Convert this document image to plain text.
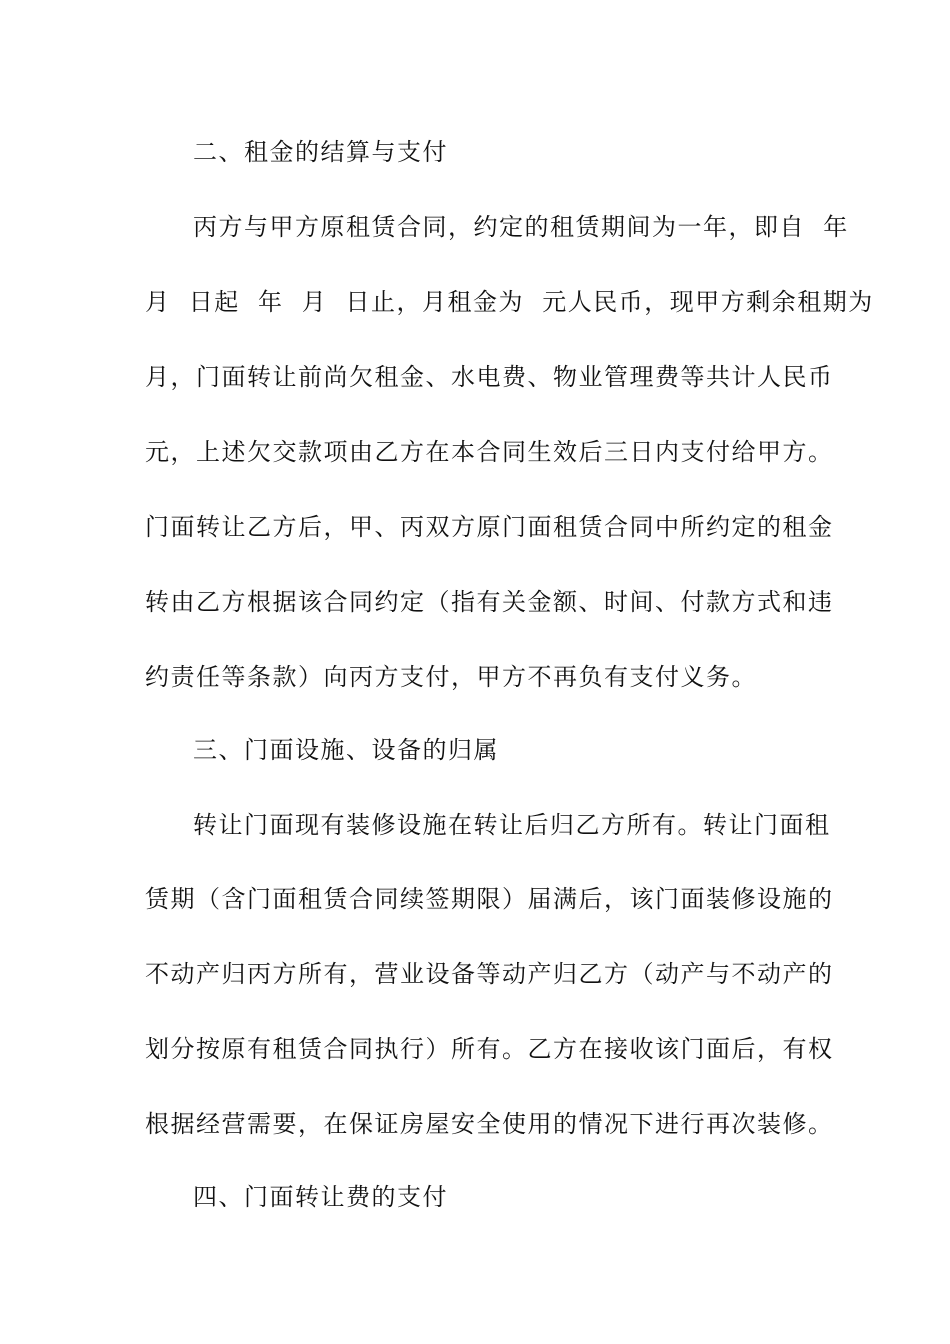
二、租金的结算与支付
丙方与甲方原租赁合同，约定的租赁期间为一年，即自  年
月  日起  年  月  日止，月租金为  元人民币，现甲方剩余租期为
月，门面转让前尚欠租金、水电费、物业管理费等共计人民币
元，上述欠交款项由乙方在本合同生效后三日内支付给甲方。
门面转让乙方后，甲、丙双方原门面租赁合同中所约定的租金
转由乙方根据该合同约定（指有关金额、时间、付款方式和违
约责任等条款）向丙方支付，甲方不再负有支付义务。
三、门面设施、设备的归属
转让门面现有装修设施在转让后归乙方所有。转让门面租
赁期（含门面租赁合同续签期限）届满后，该门面装修设施的
不动产归丙方所有，营业设备等动产归乙方（动产与不动产的
划分按原有租赁合同执行）所有。乙方在接收该门面后，有权
根据经营需要，在保证房屋安全使用的情况下进行再次装修。
四、门面转让费的支付
